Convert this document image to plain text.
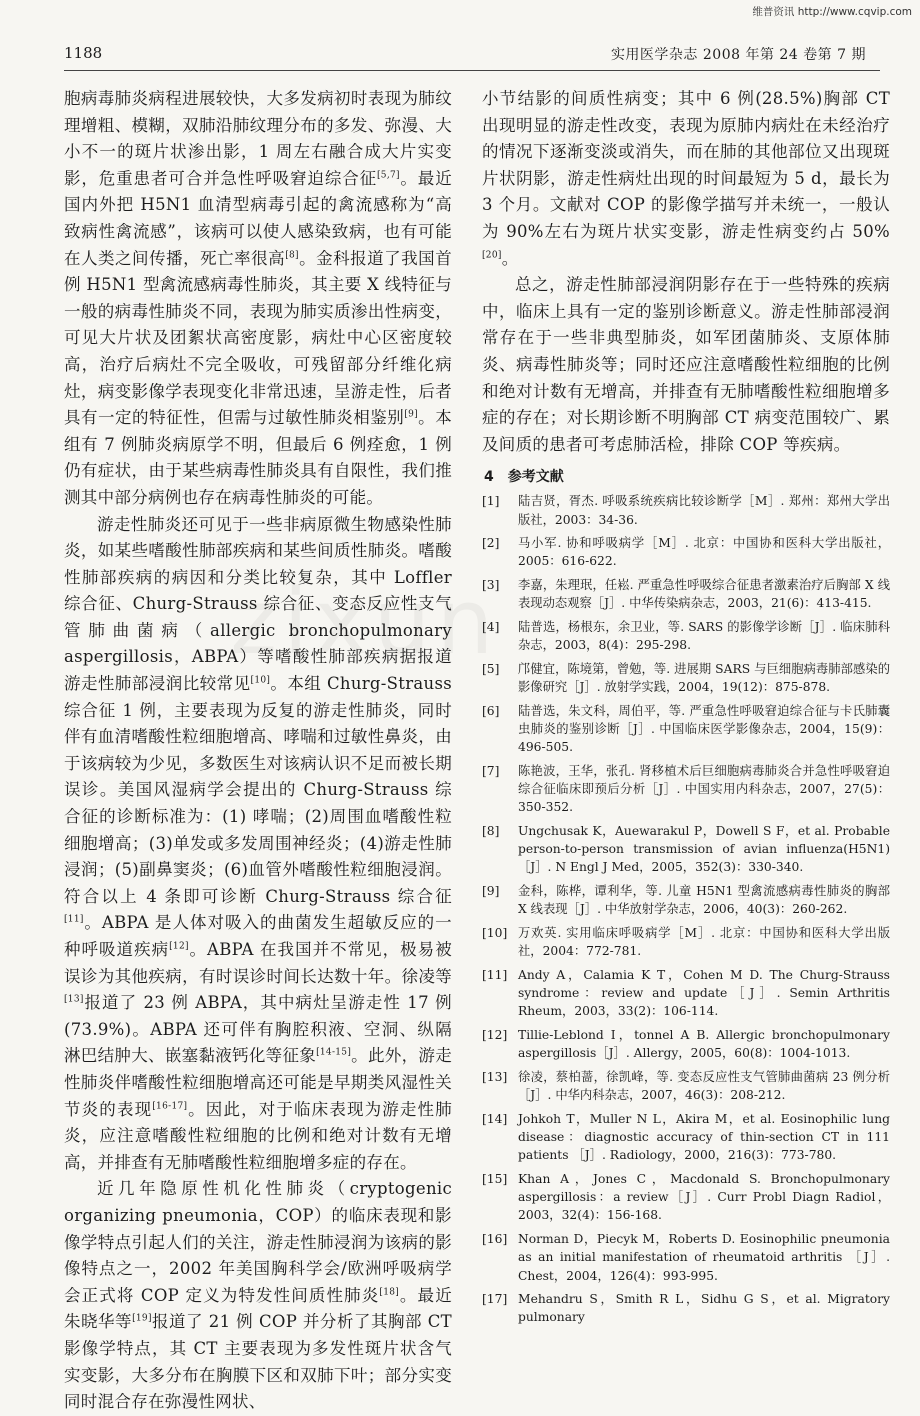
维普资讯 http://www.cqvip.com
1188	实用医学杂志 2008 年第 24 卷第 7 期

胞病毒肺炎病程进展较快，大多发病初时表现为肺纹理增粗、模糊，双肺沿肺纹理分布的多发、弥漫、大小不一的斑片状渗出影，1 周左右融合成大片实变影，危重患者可合并急性呼吸窘迫综合征[5,7]。最近国内外把 H5N1 血清型病毒引起的禽流感称为“高致病性禽流感”，该病可以使人感染致病，也有可能在人类之间传播，死亡率很高[8]。金科报道了我国首例 H5N1 型禽流感病毒性肺炎，其主要 X 线特征与一般的病毒性肺炎不同，表现为肺实质渗出性病变，可见大片状及团絮状高密度影，病灶中心区密度较高，治疗后病灶不完全吸收，可残留部分纤维化病灶，病变影像学表现变化非常迅速，呈游走性，后者具有一定的特征性，但需与过敏性肺炎相鉴别[9]。本组有 7 例肺炎病原学不明，但最后 6 例痊愈，1 例仍有症状，由于某些病毒性肺炎具有自限性，我们推测其中部分病例也存在病毒性肺炎的可能。

游走性肺炎还可见于一些非病原微生物感染性肺炎，如某些嗜酸性肺部疾病和某些间质性肺炎。嗜酸性肺部疾病的病因和分类比较复杂，其中 Loffler 综合征、Churg-Strauss 综合征、变态反应性支气管肺曲菌病（allergic bronchopulmonary aspergillosis，ABPA）等嗜酸性肺部疾病据报道游走性肺部浸润比较常见[10]。本组 Churg-Strauss 综合征 1 例，主要表现为反复的游走性肺炎，同时伴有血清嗜酸性粒细胞增高、哮喘和过敏性鼻炎，由于该病较为少见，多数医生对该病认识不足而被长期误诊。美国风湿病学会提出的 Churg-Strauss 综合征的诊断标准为：(1) 哮喘；(2)周围血嗜酸性粒细胞增高；(3)单发或多发周围神经炎；(4)游走性肺浸润；(5)副鼻窦炎；(6)血管外嗜酸性粒细胞浸润。符合以上 4 条即可诊断 Churg-Strauss 综合征[11]。ABPA 是人体对吸入的曲菌发生超敏反应的一种呼吸道疾病[12]。ABPA 在我国并不常见，极易被误诊为其他疾病，有时误诊时间长达数十年。徐凌等[13]报道了 23 例 ABPA，其中病灶呈游走性 17 例(73.9%)。ABPA 还可伴有胸腔积液、空洞、纵隔淋巴结肿大、嵌塞黏液钙化等征象[14-15]。此外，游走性肺炎伴嗜酸性粒细胞增高还可能是早期类风湿性关节炎的表现[16-17]。因此，对于临床表现为游走性肺炎，应注意嗜酸性粒细胞的比例和绝对计数有无增高，并排查有无肺嗜酸性粒细胞增多症的存在。

近几年隐原性机化性肺炎（cryptogenic organizing pneumonia，COP）的临床表现和影像学特点引起人们的关注，游走性肺浸润为该病的影像特点之一，2002 年美国胸科学会/欧洲呼吸病学会正式将 COP 定义为特发性间质性肺炎[18]。最近朱晓华等[19]报道了 21 例 COP 并分析了其胸部 CT 影像学特点，其 CT 主要表现为多发性斑片状含气实变影，大多分布在胸膜下区和双肺下叶；部分实变同时混合存在弥漫性网状、

小节结影的间质性病变；其中 6 例(28.5%)胸部 CT 出现明显的游走性改变，表现为原肺内病灶在未经治疗的情况下逐渐变淡或消失，而在肺的其他部位又出现斑片状阴影，游走性病灶出现的时间最短为 5 d，最长为 3 个月。文献对 COP 的影像学描写并未统一，一般认为 90%左右为斑片状实变影，游走性病变约占 50%[20]。

总之，游走性肺部浸润阴影存在于一些特殊的疾病中，临床上具有一定的鉴别诊断意义。游走性肺部浸润常存在于一些非典型肺炎，如军团菌肺炎、支原体肺炎、病毒性肺炎等；同时还应注意嗜酸性粒细胞的比例和绝对计数有无增高，并排查有无肺嗜酸性粒细胞增多症的存在；对长期诊断不明胸部 CT 病变范围较广、累及间质的患者可考虑肺活检，排除 COP 等疾病。

4　参考文献
[1]	陆吉贤，胥杰. 呼吸系统疾病比较诊断学［M］. 郑州：郑州大学出版社，2003：34-36.
[2]	马小军. 协和呼吸病学［M］. 北京：中国协和医科大学出版社，2005：616-622.
[3]	李嘉，朱理珉，任崧. 严重急性呼吸综合征患者激素治疗后胸部 X 线表现动态观察［J］. 中华传染病杂志，2003，21(6)：413-415.
[4]	陆普选，杨根东，余卫业，等. SARS 的影像学诊断［J］. 临床肺科杂志，2003，8(4)：295-298.
[5]	邝健宜，陈境第，曾勉，等. 进展期 SARS 与巨细胞病毒肺部感染的影像研究［J］. 放射学实践，2004，19(12)：875-878.
[6]	陆普选，朱文科，周伯平，等. 严重急性呼吸窘迫综合征与卡氏肺囊虫肺炎的鉴别诊断［J］. 中国临床医学影像杂志，2004，15(9)：496-505.
[7]	陈艳波，王华，张孔. 肾移植术后巨细胞病毒肺炎合并急性呼吸窘迫综合征临床即预后分析［J］. 中国实用内科杂志，2007，27(5)：350-352.
[8]	Ungchusak K，Auewarakul P，Dowell S F，et al. Probable person-to-person transmission of avian influenza(H5N1)［J］. N Engl J Med，2005，352(3)：330-340.
[9]	金科，陈桦，谭利华，等. 儿童 H5N1 型禽流感病毒性肺炎的胸部 X 线表现［J］. 中华放射学杂志，2006，40(3)：260-262.
[10] 万欢英. 实用临床呼吸病学［M］. 北京：中国协和医科大学出版社，2004：772-781.
[11] Andy A，Calamia K T，Cohen M D. The Churg-Strauss syndrome：review and update［J］. Semin Arthritis Rheum，2003，33(2)：106-114.
[12] Tillie-Leblond I，tonnel A B. Allergic bronchopulmonary aspergillosis［J］. Allergy，2005，60(8)：1004-1013.
[13] 徐凌，蔡柏蔷，徐凯峰，等. 变态反应性支气管肺曲菌病 23 例分析［J］. 中华内科杂志，2007，46(3)：208-212.
[14] Johkoh T，Muller N L，Akira M，et al. Eosinophilic lung disease：diagnostic accuracy of thin-section CT in 111 patients ［J］. Radiology，2000，216(3)：773-780.
[15] Khan A，Jones C，Macdonald S. Bronchopulmonary aspergillosis：a review［J］. Curr Probl Diagn Radiol，2003，32(4)：156-168.
[16] Norman D，Piecyk M，Roberts D. Eosinophilic pneumonia as an initial manifestation of rheumatoid arthritis ［J］. Chest，2004，126(4)：993-995.
[17] Mehandru S，Smith R L，Sidhu G S，et al. Migratory pulmonary
